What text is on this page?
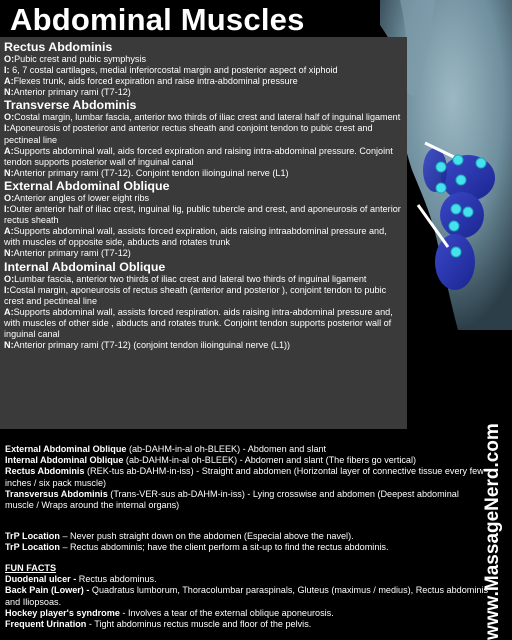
Abdominal Muscles
Rectus Abdominis
O:Pubic crest and pubic symphysis
I: 6, 7 costal cartilages, medial inferiorcostal margin and posterior aspect of xiphoid
A:Flexes trunk, aids forced expiration and raise intra-abdominal pressure
N:Anterior primary rami (T7-12)
Transverse Abdominis
O:Costal margin, lumbar fascia, anterior two thirds of iliac crest and lateral half of inguinal ligament
I:Aponeurosis of posterior and anterior rectus sheath and conjoint tendon to pubic crest and pectineal line
A:Supports abdominal wall, aids forced expiration and raising intra-abdominal pressure. Conjoint tendon supports posterior wall of inguinal canal
N:Anterior primary rami (T7-12). Conjoint tendon ilioinguinal nerve (L1)
External Abdominal Oblique
O:Anterior angles of lower eight ribs
I:Outer anterior half of iliac crest, inguinal lig, public tubercle and crest, and aponeurosis of anterior rectus sheath
A:Supports abdominal wall, assists forced expiration, aids raising intraabdominal pressure and, with muscles of opposite side, abducts and rotates trunk
N:Anterior primary rami (T7-12)
Internal Abdominal Oblique
O:Lumbar fascia, anterior two thirds of iliac crest and lateral two thirds of inguinal ligament
I:Costal margin, aponeurosis of rectus sheath (anterior and posterior ), conjoint tendon to pubic crest and pectineal line
A:Supports abdominal wall, assists forced respiration. aids raising intra-abdominal pressure and, with muscles of other side , abducts and rotates trunk. Conjoint tendon supports posterior wall of inguinal canal
N:Anterior primary rami (T7-12) (conjoint tendon ilioinguinal nerve (L1))
External Abdominal Oblique (ab-DAHM-in-al oh-BLEEK) - Abdomen and slant
Internal Abdominal Oblique (ab-DAHM-in-al oh-BLEEK) - Abdomen and slant (The fibers go vertical)
Rectus Abdominis (REK-tus ab-DAHM-in-iss) - Straight and abdomen (Horizontal layer of connective tissue every few inches / six pack muscle)
Transversus Abdominis (Trans-VER-sus ab-DAHM-in-iss) - Lying crosswise and abdomen (Deepest abdominal muscle / Wraps around the internal organs)
TrP Location – Never push straight down on the abdomen (Especial above the navel).
TrP Location – Rectus abdominis; have the client perform a sit-up to find the rectus abdominis.
FUN FACTS
Duodenal ulcer - Rectus abdominus.
Back Pain (Lower) - Quadratus lumborum, Thoracolumbar paraspinals, Gluteus (maximus / medius), Rectus abdominis and Iliopsoas.
Hockey player's syndrome - Involves a tear of the external oblique aponeurosis.
Frequent Urination - Tight abdominus rectus muscle and floor of the pelvis.	www.MassageNerd.com
